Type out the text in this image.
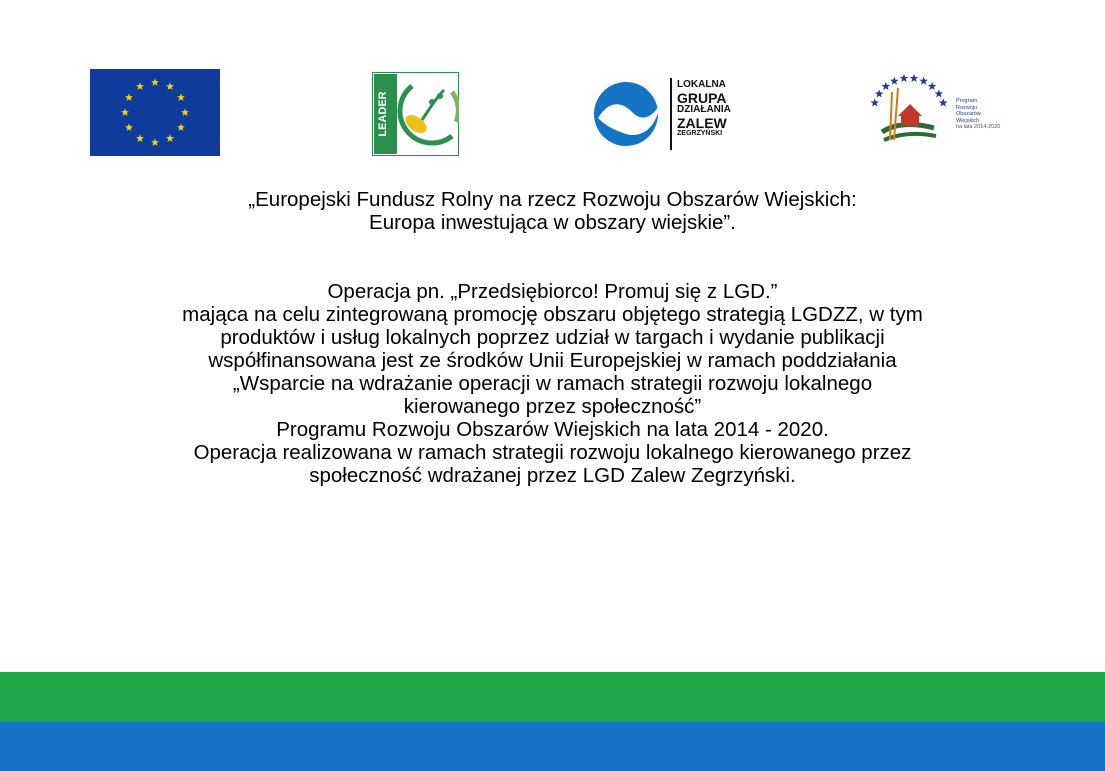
LEADER
LOKALNA
GRUPA
DZIAŁANIA
ZALEW
ZEGRZYŃSKI
Program
Rozwoju
Obszarów
Wiejskich
na lata 2014-2020

„Europejski Fundusz Rolny na rzecz Rozwoju Obszarów Wiejskich:

Europa inwestująca w obszary wiejskie”.

Operacja pn. „Przedsiębiorco! Promuj się z LGD.”

mająca na celu zintegrowaną promocję obszaru objętego strategią LGDZZ, w tym

produktów i usług lokalnych poprzez udział w targach i wydanie publikacji

współfinansowana jest ze środków Unii Europejskiej w ramach poddziałania

„Wsparcie na wdrażanie operacji w ramach strategii rozwoju lokalnego

kierowanego przez społeczność”

Programu Rozwoju Obszarów Wiejskich na lata 2014 - 2020.

Operacja realizowana w ramach strategii rozwoju lokalnego kierowanego przez

społeczność wdrażanej przez LGD Zalew Zegrzyński.
